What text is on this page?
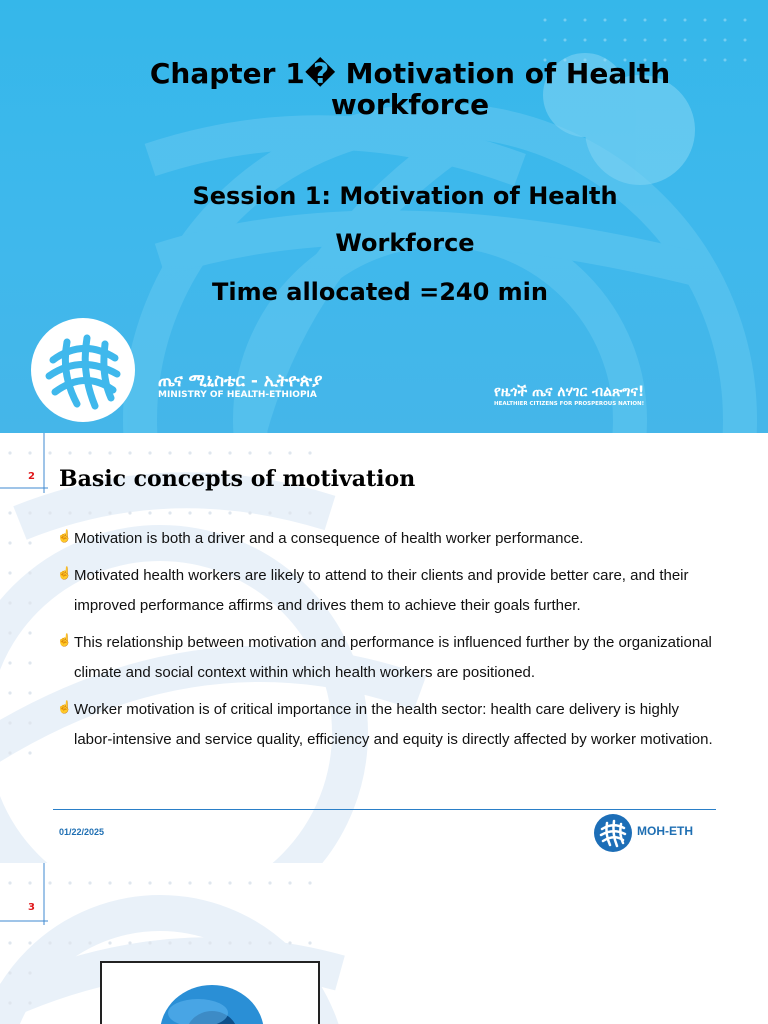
Chapter 1� Motivation of Health workforce
Session 1: Motivation of Health
Workforce
Time allocated =240 min
ጤና ሚኒስቴር - ኢትዮጵያ
MINISTRY OF HEALTH-ETHIOPIA	የዜጎች ጤና ለሃገር ብልጽግና!
HEALTHIER CITIZENS FOR PROSPEROUS NATION!
2 Basic concepts of motivation
☝ Motivation is both a driver and a consequence of health worker performance.
☝ Motivated health workers are likely to attend to their clients and provide better care, and their improved performance affirms and drives them to achieve their goals further.
☝ This relationship between motivation and performance is influenced further by the organizational climate and social context within which health workers are positioned.
☝ Worker motivation is of critical importance in the health sector: health care delivery is highly labor-intensive and service quality, efficiency and equity is directly affected by worker motivation.
01/22/2025	MOH-ETH
3
